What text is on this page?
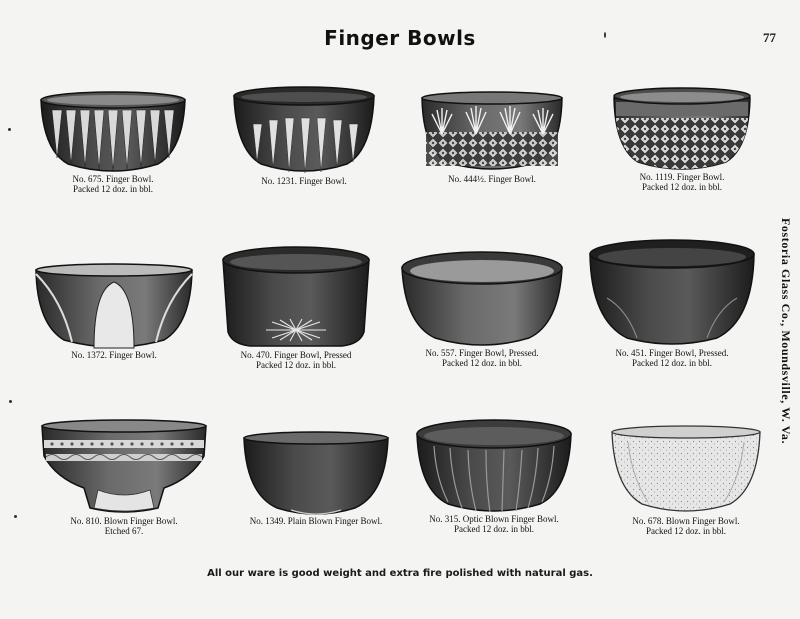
Finger Bowls	77
Fostoria Glass Co., Moundsville, W. Va.
No. 675. Finger Bowl.
Packed 12 doz. in bbl.
No. 1231. Finger Bowl.	No. 444½. Finger Bowl.	No. 1119. Finger Bowl.
Packed 12 doz. in bbl.
No. 1372. Finger Bowl.	No. 470. Finger Bowl, Pressed
Packed 12 doz. in bbl.
No. 557. Finger Bowl, Pressed.
Packed 12 doz. in bbl.
No. 451. Finger Bowl, Pressed.
Packed 12 doz. in bbl.
No. 810. Blown Finger Bowl.
Etched 67.
No. 1349. Plain Blown Finger Bowl.	No. 315. Optic Blown Finger Bowl.
Packed 12 doz. in bbl.
No. 678. Blown Finger Bowl.
Packed 12 doz. in bbl.
All our ware is good weight and extra fire polished with natural gas.
